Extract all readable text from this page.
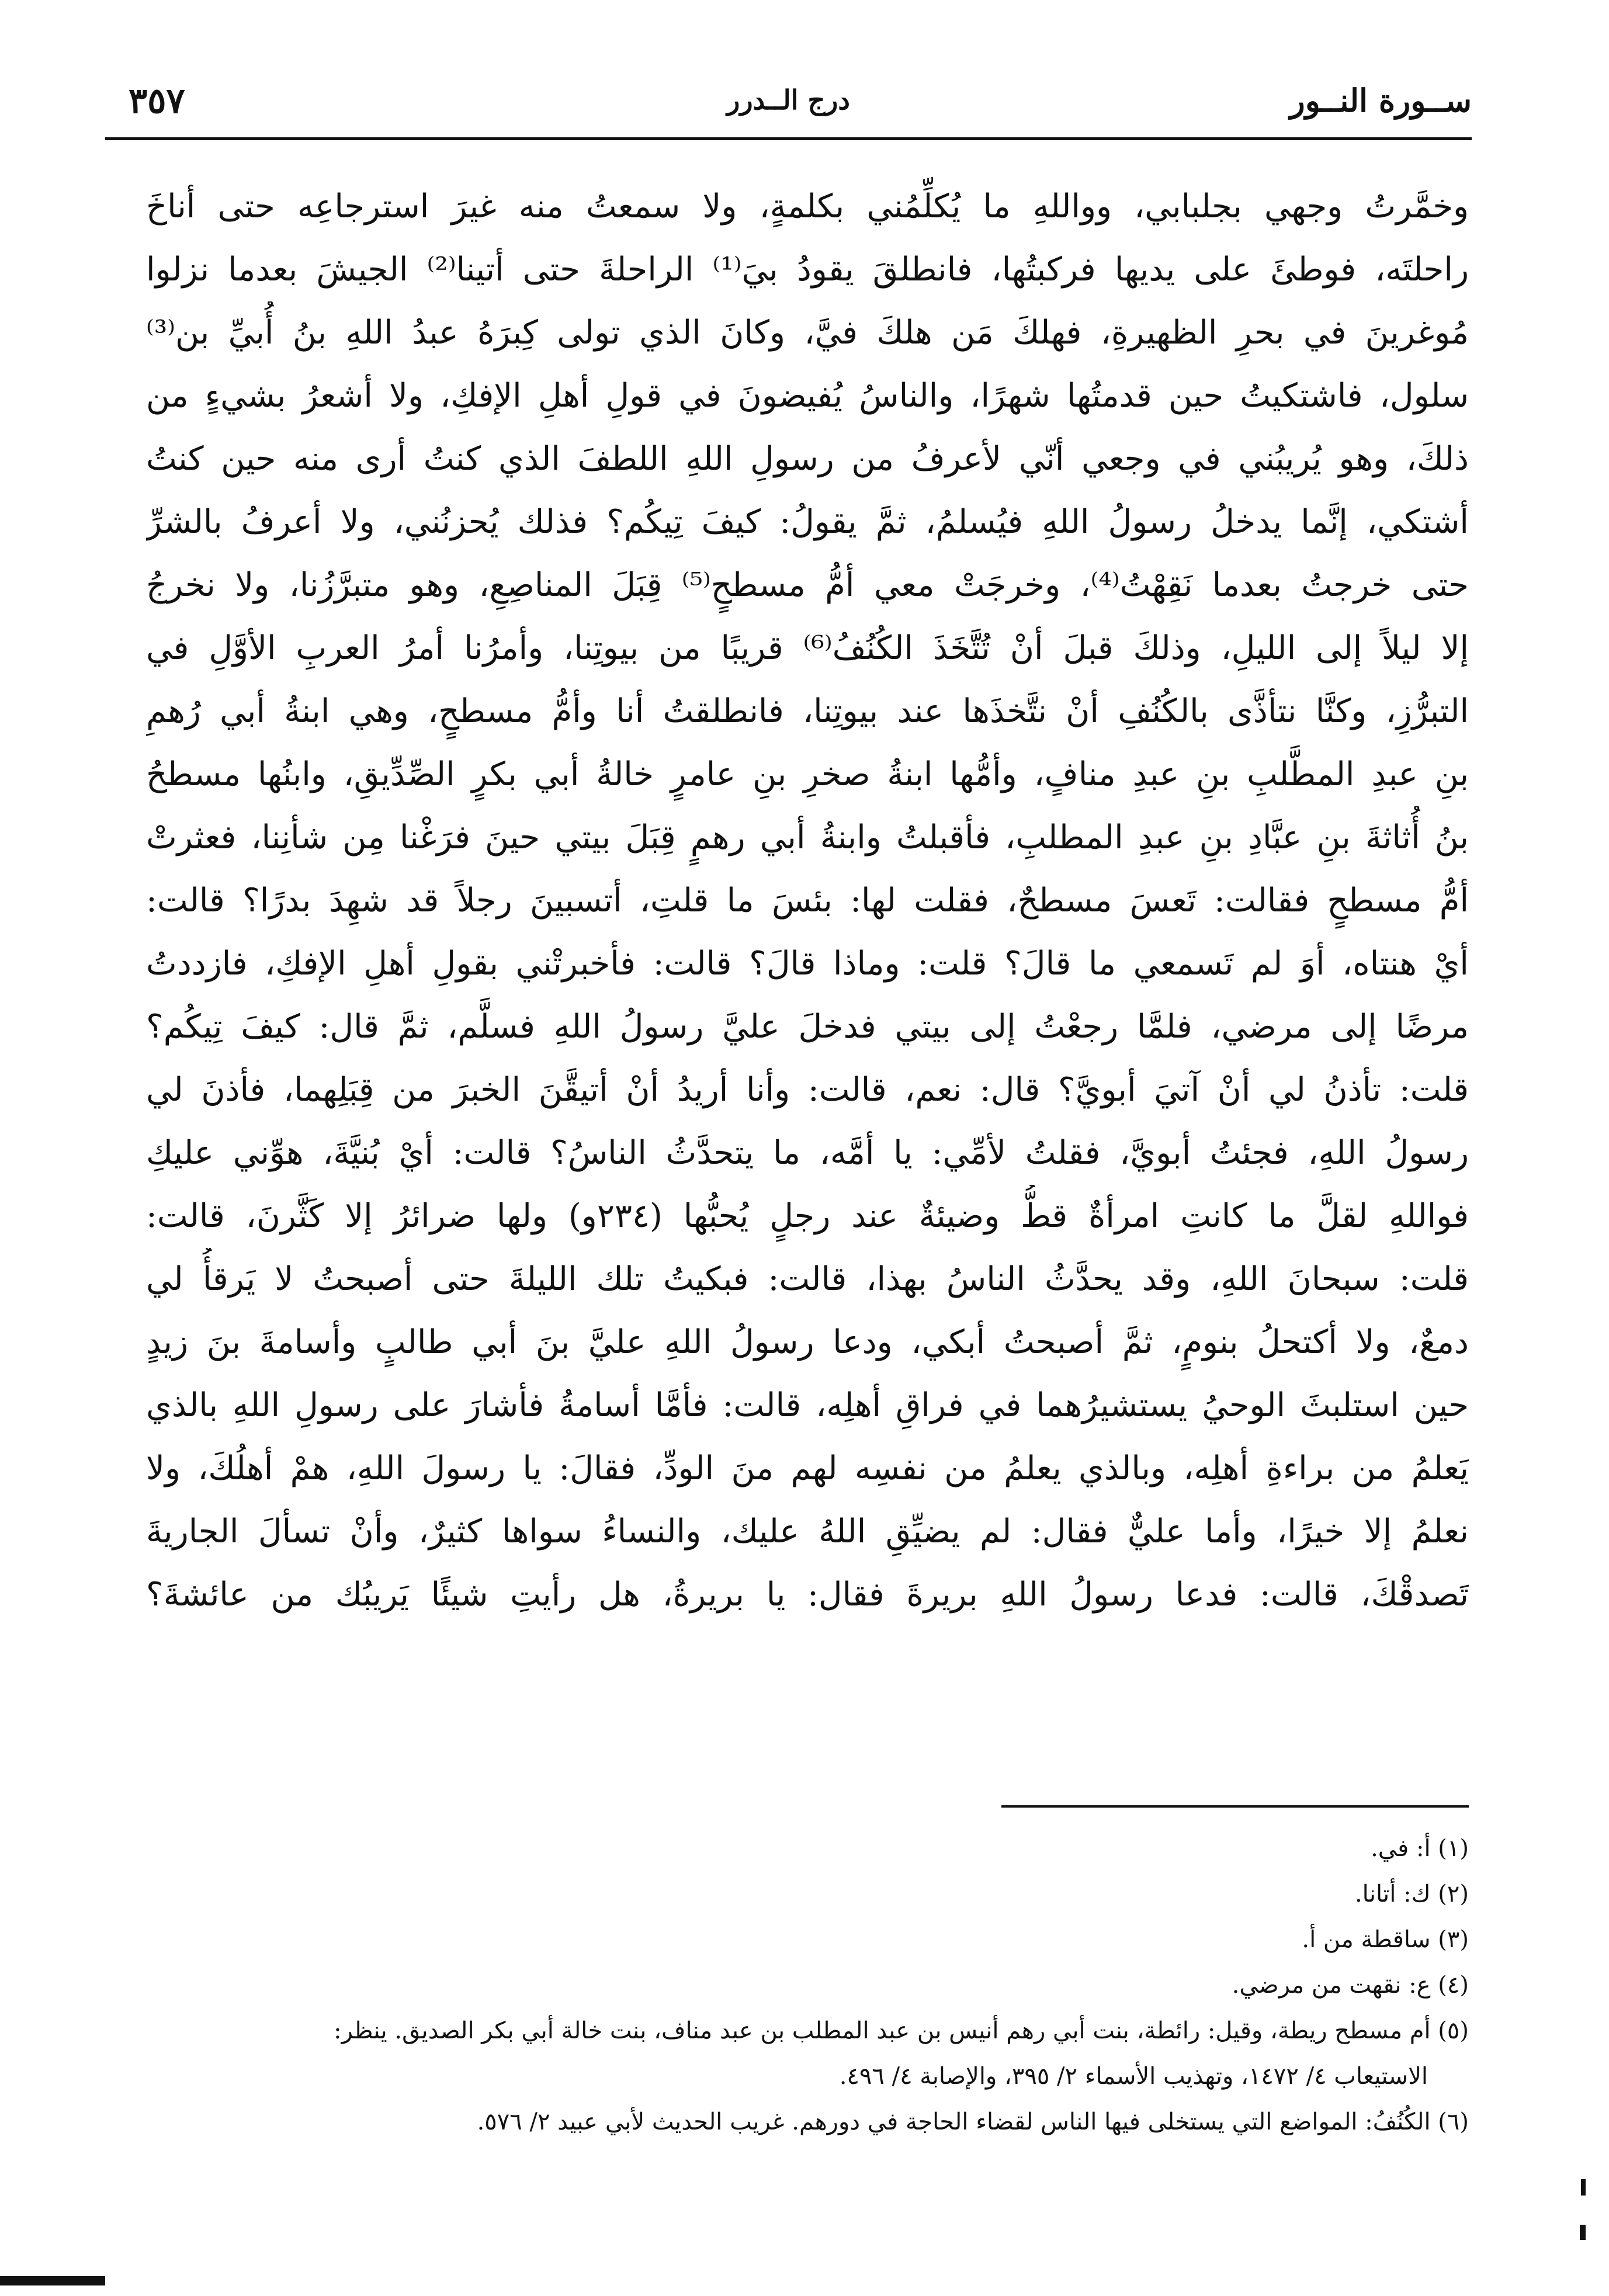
٣٥٧	درج الــدرر	ســورة النــور
وخمَّرتُ وجهي بجلبابي، وواللهِ ما يُكلِّمُني بكلمةٍ، ولا سمعتُ منه غيرَ استرجاعِه حتى أناخَ
راحلتَه، فوطئَ على يديها فركبتُها، فانطلقَ يقودُ بيَ⁽¹⁾ الراحلةَ حتى أتينا⁽²⁾ الجيشَ بعدما نزلوا
مُوغرينَ في بحرِ الظهيرةِ، فهلكَ مَن هلكَ فيَّ، وكانَ الذي تولى كِبرَهُ عبدُ اللهِ بنُ أُبيِّ بن⁽³⁾
سلول، فاشتكيتُ حين قدمتُها شهرًا، والناسُ يُفيضونَ في قولِ أهلِ الإفكِ، ولا أشعرُ بشيءٍ من
ذلكَ، وهو يُريبُني في وجعي أنّي لأعرفُ من رسولِ اللهِ اللطفَ الذي كنتُ أرى منه حين كنتُ
أشتكي، إنَّما يدخلُ رسولُ اللهِ فيُسلمُ، ثمَّ يقولُ: كيفَ تِيكُم؟ فذلك يُحزنُني، ولا أعرفُ بالشرِّ
حتى خرجتُ بعدما نَقِهْتُ⁽⁴⁾، وخرجَتْ معي أمُّ مسطحٍ⁽⁵⁾ قِبَلَ المناصِعِ، وهو متبرَّزُنا، ولا نخرجُ
إلا ليلاً إلى الليلِ، وذلكَ قبلَ أنْ تُتَّخَذَ الكُنُفُ⁽⁶⁾ قريبًا من بيوتِنا، وأمرُنا أمرُ العربِ الأوَّلِ في
التبرُّزِ، وكنَّا نتأذَّى بالكُنُفِ أنْ نتَّخذَها عند بيوتِنا، فانطلقتُ أنا وأمُّ مسطحٍ، وهي ابنةُ أبي رُهمِ
بنِ عبدِ المطَّلبِ بنِ عبدِ منافٍ، وأمُّها ابنةُ صخرِ بنِ عامرٍ خالةُ أبي بكرٍ الصِّدِّيقِ، وابنُها مسطحُ
بنُ أُثاثةَ بنِ عبَّادِ بنِ عبدِ المطلبِ، فأقبلتُ وابنةُ أبي رهمٍ قِبَلَ بيتي حينَ فرَغْنا مِن شأنِنا، فعثرتْ
أمُّ مسطحٍ فقالت: تَعسَ مسطحٌ، فقلت لها: بئسَ ما قلتِ، أتسبينَ رجلاً قد شهِدَ بدرًا؟ قالت:
أيْ هنتاه، أوَ لم تَسمعي ما قالَ؟ قلت: وماذا قالَ؟ قالت: فأخبرتْني بقولِ أهلِ الإفكِ، فازددتُ
مرضًا إلى مرضي، فلمَّا رجعْتُ إلى بيتي فدخلَ عليَّ رسولُ اللهِ فسلَّم، ثمَّ قال: كيفَ تِيكُم؟
قلت: تأذنُ لي أنْ آتيَ أبويَّ؟ قال: نعم، قالت: وأنا أريدُ أنْ أتيقَّنَ الخبرَ من قِبَلِهما، فأذنَ لي
رسولُ اللهِ، فجئتُ أبويَّ، فقلتُ لأمِّي: يا أمَّه، ما يتحدَّثُ الناسُ؟ قالت: أيْ بُنيَّةَ، هوِّني عليكِ
فواللهِ لقلَّ ما كانتِ امرأةٌ قطُّ وضيئةٌ عند رجلٍ يُحبُّها (٢٣٤و) ولها ضرائرُ إلا كَثَّرنَ، قالت:
قلت: سبحانَ اللهِ، وقد يحدَّثُ الناسُ بهذا، قالت: فبكيتُ تلك الليلةَ حتى أصبحتُ لا يَرقأُ لي
دمعٌ، ولا أكتحلُ بنومٍ، ثمَّ أصبحتُ أبكي، ودعا رسولُ اللهِ عليَّ بنَ أبي طالبٍ وأسامةَ بنَ زيدٍ
حين استلبثَ الوحيُ يستشيرُهما في فراقِ أهلِه، قالت: فأمَّا أسامةُ فأشارَ على رسولِ اللهِ بالذي
يَعلمُ من براءةِ أهلِه، وبالذي يعلمُ من نفسِه لهم منَ الودِّ، فقالَ: يا رسولَ اللهِ، همْ أهلُكَ، ولا
نعلمُ إلا خيرًا، وأما عليٌّ فقال: لم يضيِّقِ اللهُ عليك، والنساءُ سواها كثيرٌ، وأنْ تسألَ الجاريةَ
تَصدقْكَ، قالت: فدعا رسولُ اللهِ بريرةَ فقال: يا بريرةُ، هل رأيتِ شيئًا يَريبُك من عائشةَ؟
(١) أ: في.
(٢) ك: أتانا.
(٣) ساقطة من أ.
(٤) ع: نقهت من مرضي.
(٥) أم مسطح ريطة، وقيل: رائطة، بنت أبي رهم أنيس بن عبد المطلب بن عبد مناف، بنت خالة أبي بكر الصديق. ينظر:
الاستيعاب ٤/ ١٤٧٢، وتهذيب الأسماء ٢/ ٣٩٥، والإصابة ٤/ ٤٩٦.
(٦) الكُنُفُ: المواضع التي يستخلى فيها الناس لقضاء الحاجة في دورهم. غريب الحديث لأبي عبيد ٢/ ٥٧٦.
